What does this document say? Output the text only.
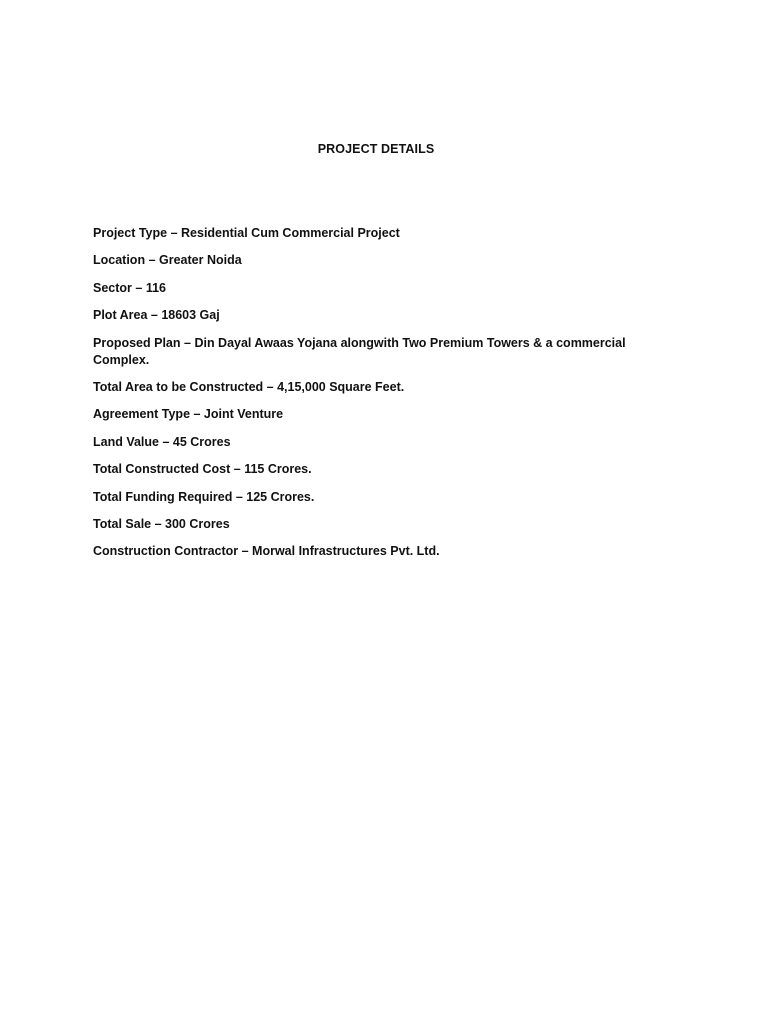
PROJECT DETAILS
Project Type – Residential Cum Commercial Project
Location – Greater Noida
Sector – 116
Plot Area – 18603 Gaj
Proposed Plan – Din Dayal Awaas Yojana alongwith Two Premium Towers & a commercial Complex.
Total Area to be Constructed – 4,15,000 Square Feet.
Agreement Type – Joint Venture
Land Value – 45 Crores
Total Constructed Cost – 115 Crores.
Total Funding Required – 125 Crores.
Total Sale – 300 Crores
Construction Contractor – Morwal Infrastructures Pvt. Ltd.
